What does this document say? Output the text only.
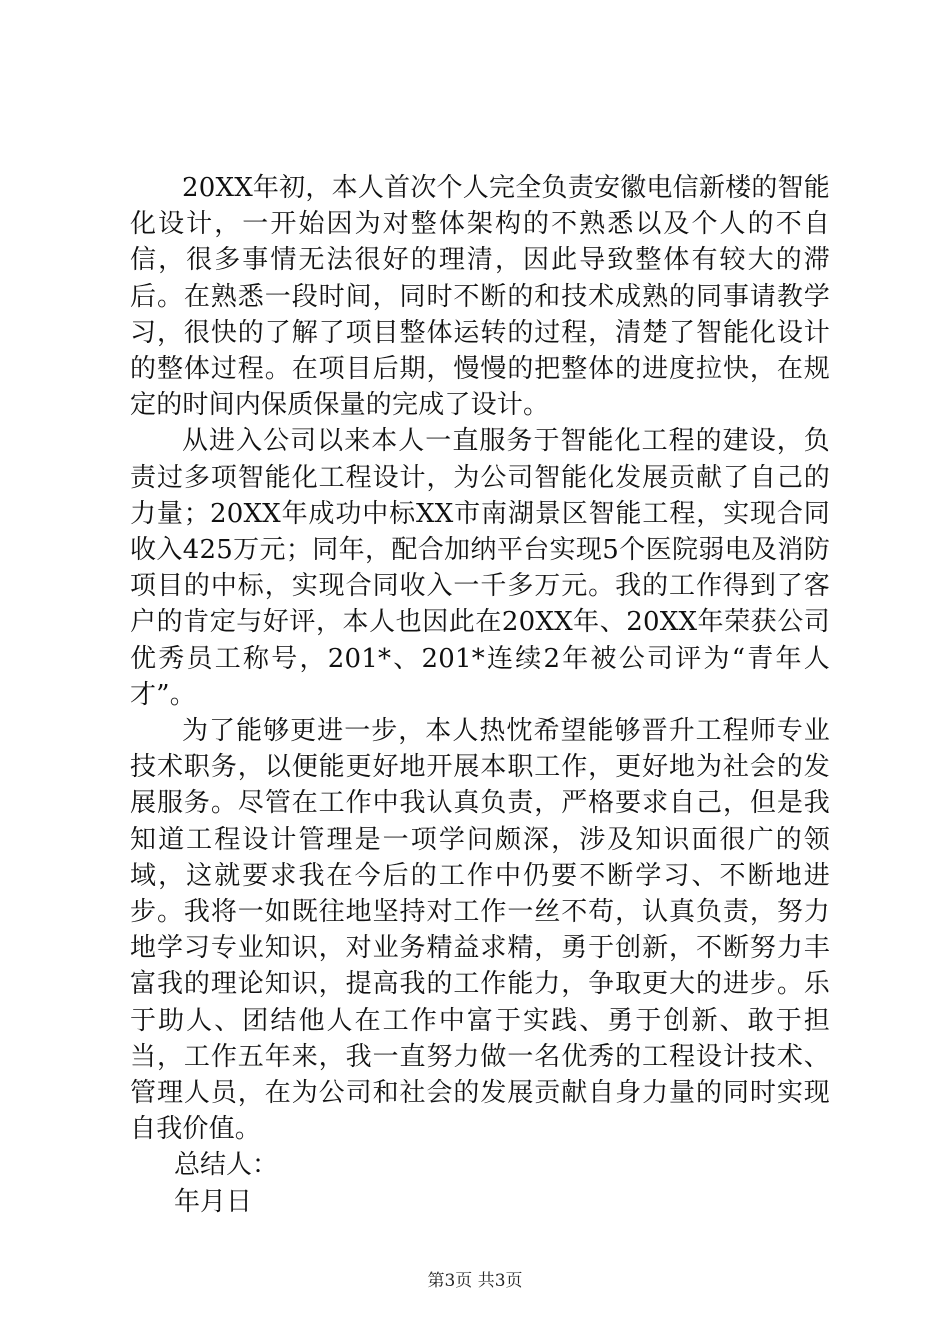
20XX年初，本人首次个人完全负责安徽电信新楼的智能化设计，一开始因为对整体架构的不熟悉以及个人的不自信，很多事情无法很好的理清，因此导致整体有较大的滞后。在熟悉一段时间，同时不断的和技术成熟的同事请教学习，很快的了解了项目整体运转的过程，清楚了智能化设计的整体过程。在项目后期，慢慢的把整体的进度拉快，在规定的时间内保质保量的完成了设计。

从进入公司以来本人一直服务于智能化工程的建设，负责过多项智能化工程设计，为公司智能化发展贡献了自己的力量；20XX年成功中标XX市南湖景区智能工程，实现合同收入425万元；同年，配合加纳平台实现5个医院弱电及消防项目的中标，实现合同收入一千多万元。我的工作得到了客户的肯定与好评，本人也因此在20XX年、20XX年荣获公司优秀员工称号，201*、201*连续2年被公司评为“青年人才”。

为了能够更进一步，本人热忱希望能够晋升工程师专业技术职务，以便能更好地开展本职工作，更好地为社会的发展服务。尽管在工作中我认真负责，严格要求自己，但是我知道工程设计管理是一项学问颇深，涉及知识面很广的领域，这就要求我在今后的工作中仍要不断学习、不断地进步。我将一如既往地坚持对工作一丝不苟，认真负责，努力地学习专业知识，对业务精益求精，勇于创新，不断努力丰富我的理论知识，提高我的工作能力，争取更大的进步。乐于助人、团结他人在工作中富于实践、勇于创新、敢于担当，工作五年来，我一直努力做一名优秀的工程设计技术、管理人员，在为公司和社会的发展贡献自身力量的同时实现自我价值。

总结人：

年月日

第3页 共3页
